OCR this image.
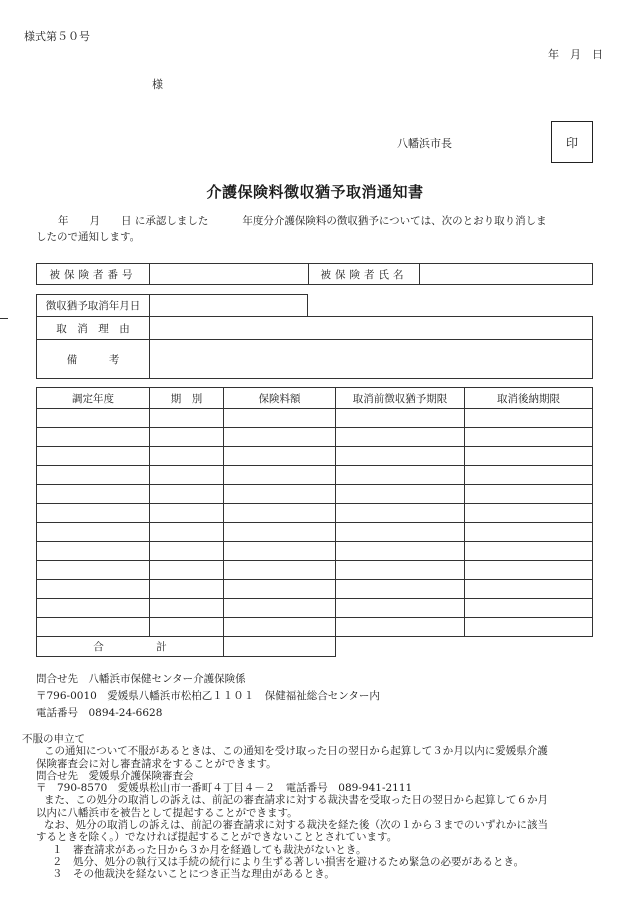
様式第５０号
年　月　日
様
八幡浜市長	印
介護保険料徴収猶予取消通知書
年　　月　　日 に承認しました	年度分介護保険料の徴収猶予については、次のとおり取り消しま
したので通知します。
被保険者番号		被保険者氏名	
徴収猶予取消年月日	
取　消　理　由	
備　　　考	
調定年度	期　別	保険料額	取消前徴収猶予期限	取消後納期限

合　　　　　計				
問合せ先　八幡浜市保健センター介護保険係
〒796-0010　愛媛県八幡浜市松柏乙１１０１　保健福祉総合センター内
電話番号　0894-24-6628

不服の申立て

この通知について不服があるときは、この通知を受け取った日の翌日から起算して３か月以内に愛媛県介護

保険審査会に対し審査請求をすることができます。

問合せ先　愛媛県介護保険審査会

〒　790-8570　愛媛県松山市一番町４丁目４－２　電話番号　089-941-2111

また、この処分の取消しの訴えは、前記の審査請求に対する裁決書を受取った日の翌日から起算して６か月

以内に八幡浜市を被告として提起することができます。

なお、処分の取消しの訴えは、前記の審査請求に対する裁決を経た後（次の１から３までのいずれかに該当

するときを除く。）でなければ提起することができないこととされています。

１　審査請求があった日から３か月を経過しても裁決がないとき。

２　処分、処分の執行又は手続の続行により生ずる著しい損害を避けるため緊急の必要があるとき。

３　その他裁決を経ないことにつき正当な理由があるとき。
